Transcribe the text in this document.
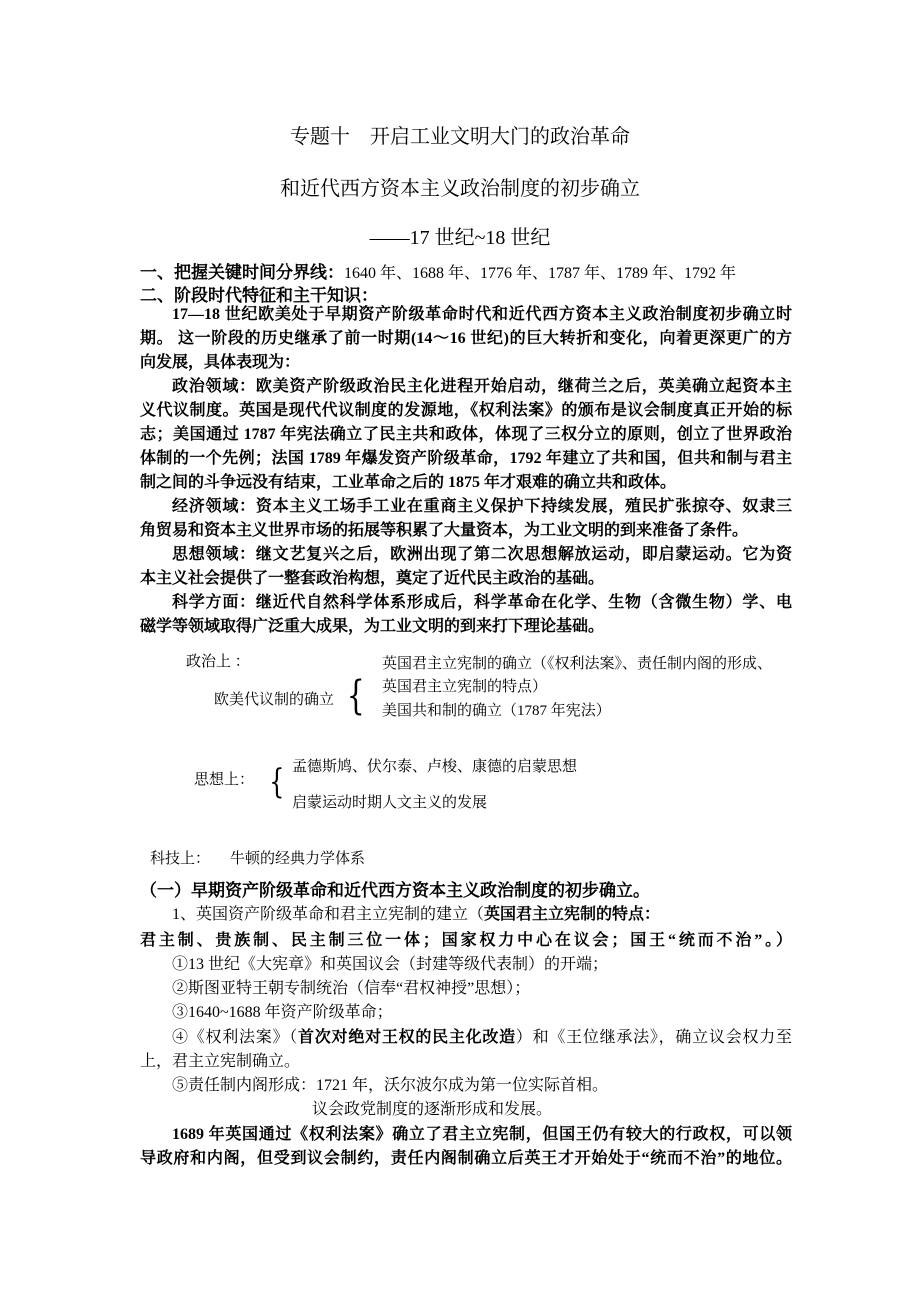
专题十　开启工业文明大门的政治革命
和近代西方资本主义政治制度的初步确立
——17 世纪~18 世纪
一、把握关键时间分界线：1640 年、1688 年、1776 年、1787 年、1789 年、1792 年
二、阶段时代特征和主干知识：
17—18 世纪欧美处于早期资产阶级革命时代和近代西方资本主义政治制度初步确立时
期。 这一阶段的历史继承了前一时期(14～16 世纪)的巨大转折和变化，向着更深更广的方
向发展，具体表现为：
政治领域：欧美资产阶级政治民主化进程开始启动，继荷兰之后，英美确立起资本主
义代议制度。英国是现代代议制度的发源地，《权利法案》的颁布是议会制度真正开始的标
志；美国通过 1787 年宪法确立了民主共和政体，体现了三权分立的原则，创立了世界政治
体制的一个先例；法国 1789 年爆发资产阶级革命，1792 年建立了共和国，但共和制与君主
制之间的斗争远没有结束，工业革命之后的 1875 年才艰难的确立共和政体。
经济领域：资本主义工场手工业在重商主义保护下持续发展，殖民扩张掠夺、奴隶三
角贸易和资本主义世界市场的拓展等积累了大量资本，为工业文明的到来准备了条件。
思想领域：继文艺复兴之后，欧洲出现了第二次思想解放运动，即启蒙运动。它为资
本主义社会提供了一整套政治构想，奠定了近代民主政治的基础。
科学方面：继近代自然科学体系形成后，科学革命在化学、生物（含微生物）学、电
磁学等领域取得广泛重大成果，为工业文明的到来打下理论基础。
政治上 ：
欧美代议制的确立 {
英国君主立宪制的确立（《权利法案》、责任制内阁的形成、
英国君主立宪制的特点）
美国共和制的确立（1787 年宪法）
思想上： { 孟德斯鸠、伏尔泰、卢梭、康德的启蒙思想
启蒙运动时期人文主义的发展
科技上： 牛顿的经典力学体系
（一）早期资产阶级革命和近代西方资本主义政治制度的初步确立。
1、英国资产阶级革命和君主立宪制的建立（英国君主立宪制的特点：
君主制、贵族制、民主制三位一体；国家权力中心在议会；国王“统而不治”。）
①13 世纪《大宪章》和英国议会（封建等级代表制）的开端；
②斯图亚特王朝专制统治（信奉“君权神授”思想）；
③1640~1688 年资产阶级革命；
④《权利法案》（首次对绝对王权的民主化改造）和《王位继承法》，确立议会权力至
上，君主立宪制确立。
⑤责任制内阁形成：1721 年，沃尔波尔成为第一位实际首相。
议会政党制度的逐渐形成和发展。
1689 年英国通过《权利法案》确立了君主立宪制，但国王仍有较大的行政权，可以领
导政府和内阁，但受到议会制约，责任内阁制确立后英王才开始处于“统而不治”的地位。
